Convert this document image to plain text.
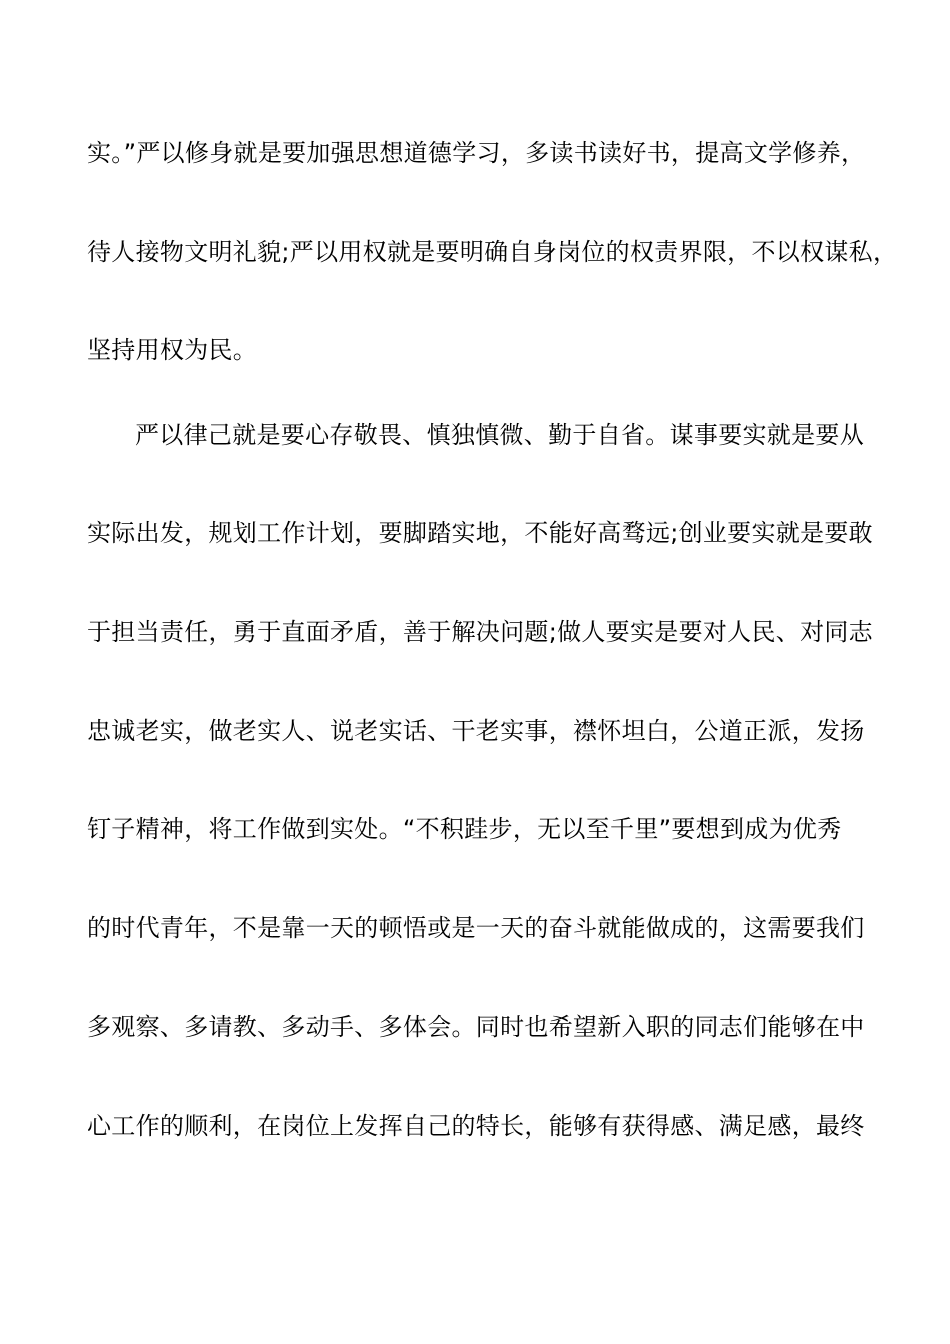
实。”严以修身就是要加强思想道德学习，多读书读好书，提高文学修养，
待人接物文明礼貌;严以用权就是要明确自身岗位的权责界限，不以权谋私，
坚持用权为民。
严以律己就是要心存敬畏、慎独慎微、勤于自省。谋事要实就是要从
实际出发，规划工作计划，要脚踏实地，不能好高骛远;创业要实就是要敢
于担当责任，勇于直面矛盾，善于解决问题;做人要实是要对人民、对同志
忠诚老实，做老实人、说老实话、干老实事，襟怀坦白，公道正派，发扬
钉子精神，将工作做到实处。“不积跬步，无以至千里”要想到成为优秀
的时代青年，不是靠一天的顿悟或是一天的奋斗就能做成的，这需要我们
多观察、多请教、多动手、多体会。同时也希望新入职的同志们能够在中
心工作的顺利，在岗位上发挥自己的特长，能够有获得感、满足感，最终
